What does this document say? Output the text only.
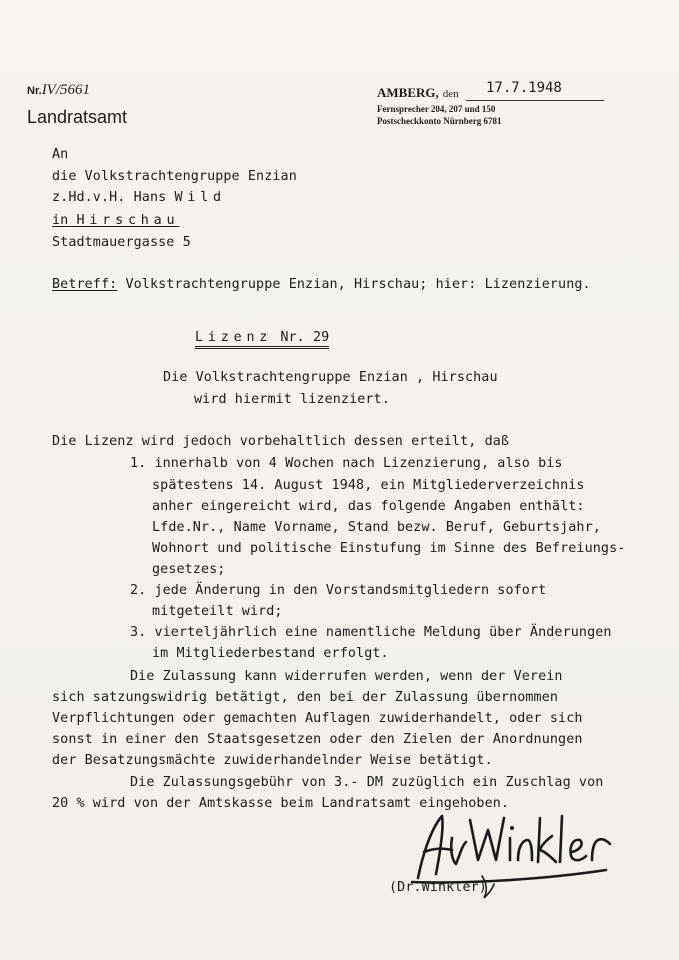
Nr.IV/5661
Landratsamt
AMBERG, den 17.7.1948
Fernsprecher 204, 207 und 150
Postscheckkonto Nürnberg 6781
An
die Volkstrachtengruppe Enzian
z.Hd.v.H. Hans Wild
in Hirschau
Stadtmauergasse 5
Betreff: Volkstrachtengruppe Enzian, Hirschau; hier: Lizenzierung.
Lizenz Nr. 29
Die Volkstrachtengruppe Enzian , Hirschau
wird hiermit lizenziert.
Die Lizenz wird jedoch vorbehaltlich dessen erteilt, daß
1. innerhalb von 4 Wochen nach Lizenzierung, also bis
spätestens 14. August 1948, ein Mitgliederverzeichnis
anher eingereicht wird, das folgende Angaben enthält:
Lfde.Nr., Name Vorname, Stand bezw. Beruf, Geburtsjahr,
Wohnort und politische Einstufung im Sinne des Befreiungs-
gesetzes;
2. jede Änderung in den Vorstandsmitgliedern sofort
mitgeteilt wird;
3. vierteljährlich eine namentliche Meldung über Änderungen
im Mitgliederbestand erfolgt.
Die Zulassung kann widerrufen werden, wenn der Verein
sich satzungswidrig betätigt, den bei der Zulassung übernommen
Verpflichtungen oder gemachten Auflagen zuwiderhandelt, oder sich
sonst in einer den Staatsgesetzen oder den Zielen der Anordnungen
der Besatzungsmächte zuwiderhandelnder Weise betätigt.
Die Zulassungsgebühr von 3.- DM zuzüglich ein Zuschlag von
20 % wird von der Amtskasse beim Landratsamt eingehoben.
(Dr.Winkler)
